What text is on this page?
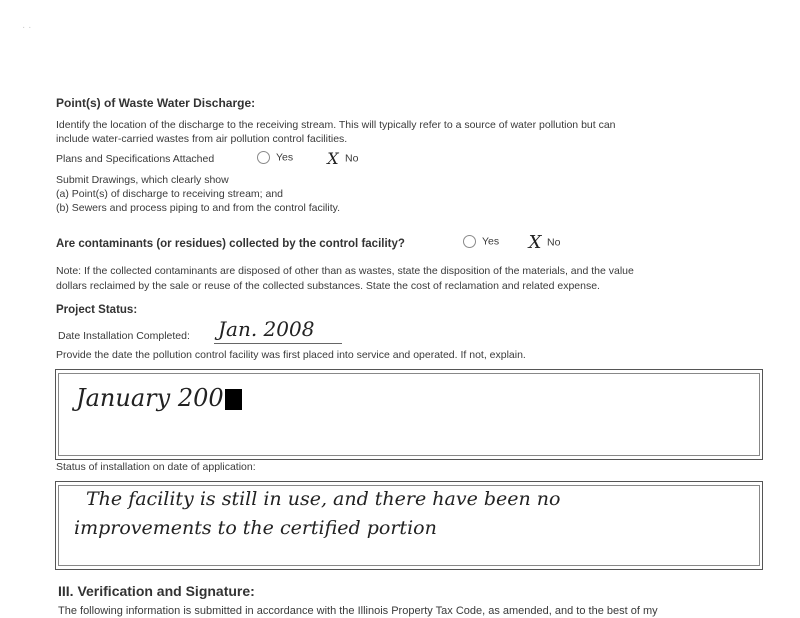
· ·
Point(s) of Waste Water Discharge:
Identify the location of the discharge to the receiving stream. This will typically refer to a source of water pollution but can
include water-carried wastes from air pollution control facilities.
Plans and Specifications Attached	Yes X No
Submit Drawings, which clearly show
(a) Point(s) of discharge to receiving stream; and
(b) Sewers and process piping to and from the control facility.
Are contaminants (or residues) collected by the control facility?	Yes X No
Note: If the collected contaminants are disposed of other than as wastes, state the disposition of the materials, and the value
dollars reclaimed by the sale or reuse of the collected substances. State the cost of reclamation and related expense.
Project Status:
Date Installation Completed: Jan. 2008
Provide the date the pollution control facility was first placed into service and operated. If not, explain.
January 200
Status of installation on date of application:
The facility is still in use, and there have been no
improvements to the certified portion
III. Verification and Signature:
The following information is submitted in accordance with the Illinois Property Tax Code, as amended, and to the best of my
